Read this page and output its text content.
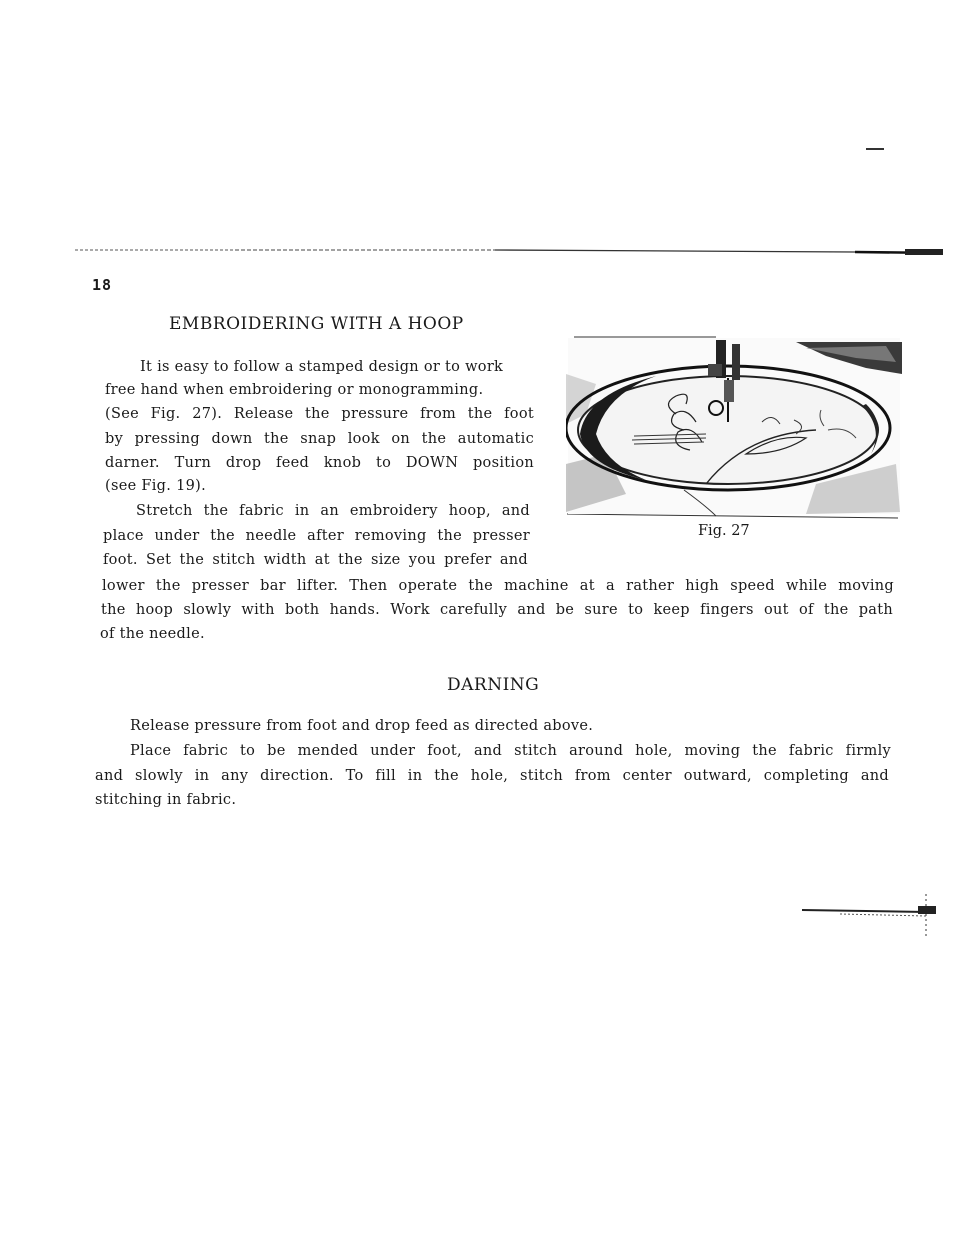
18
EMBROIDERING WITH A HOOP
It is easy to follow a stamped design or to work
free hand when embroidering or monogramming.
(See Fig. 27). Release the pressure from the foot
by pressing down the snap look on the automatic
darner. Turn drop feed knob to DOWN position
(see Fig. 19).
Stretch the fabric in an embroidery hoop, and
place under the needle after removing the presser
foot. Set the stitch width at the size you prefer and
lower the presser bar lifter. Then operate the machine at a rather high speed while moving
the hoop slowly with both hands. Work carefully and be sure to keep fingers out of the path
of the needle.
Fig. 27
DARNING
Release pressure from foot and drop feed as directed above.
Place fabric to be mended under foot, and stitch around hole, moving the fabric firmly
and slowly in any direction. To fill in the hole, stitch from center outward, completing and
stitching in fabric.
